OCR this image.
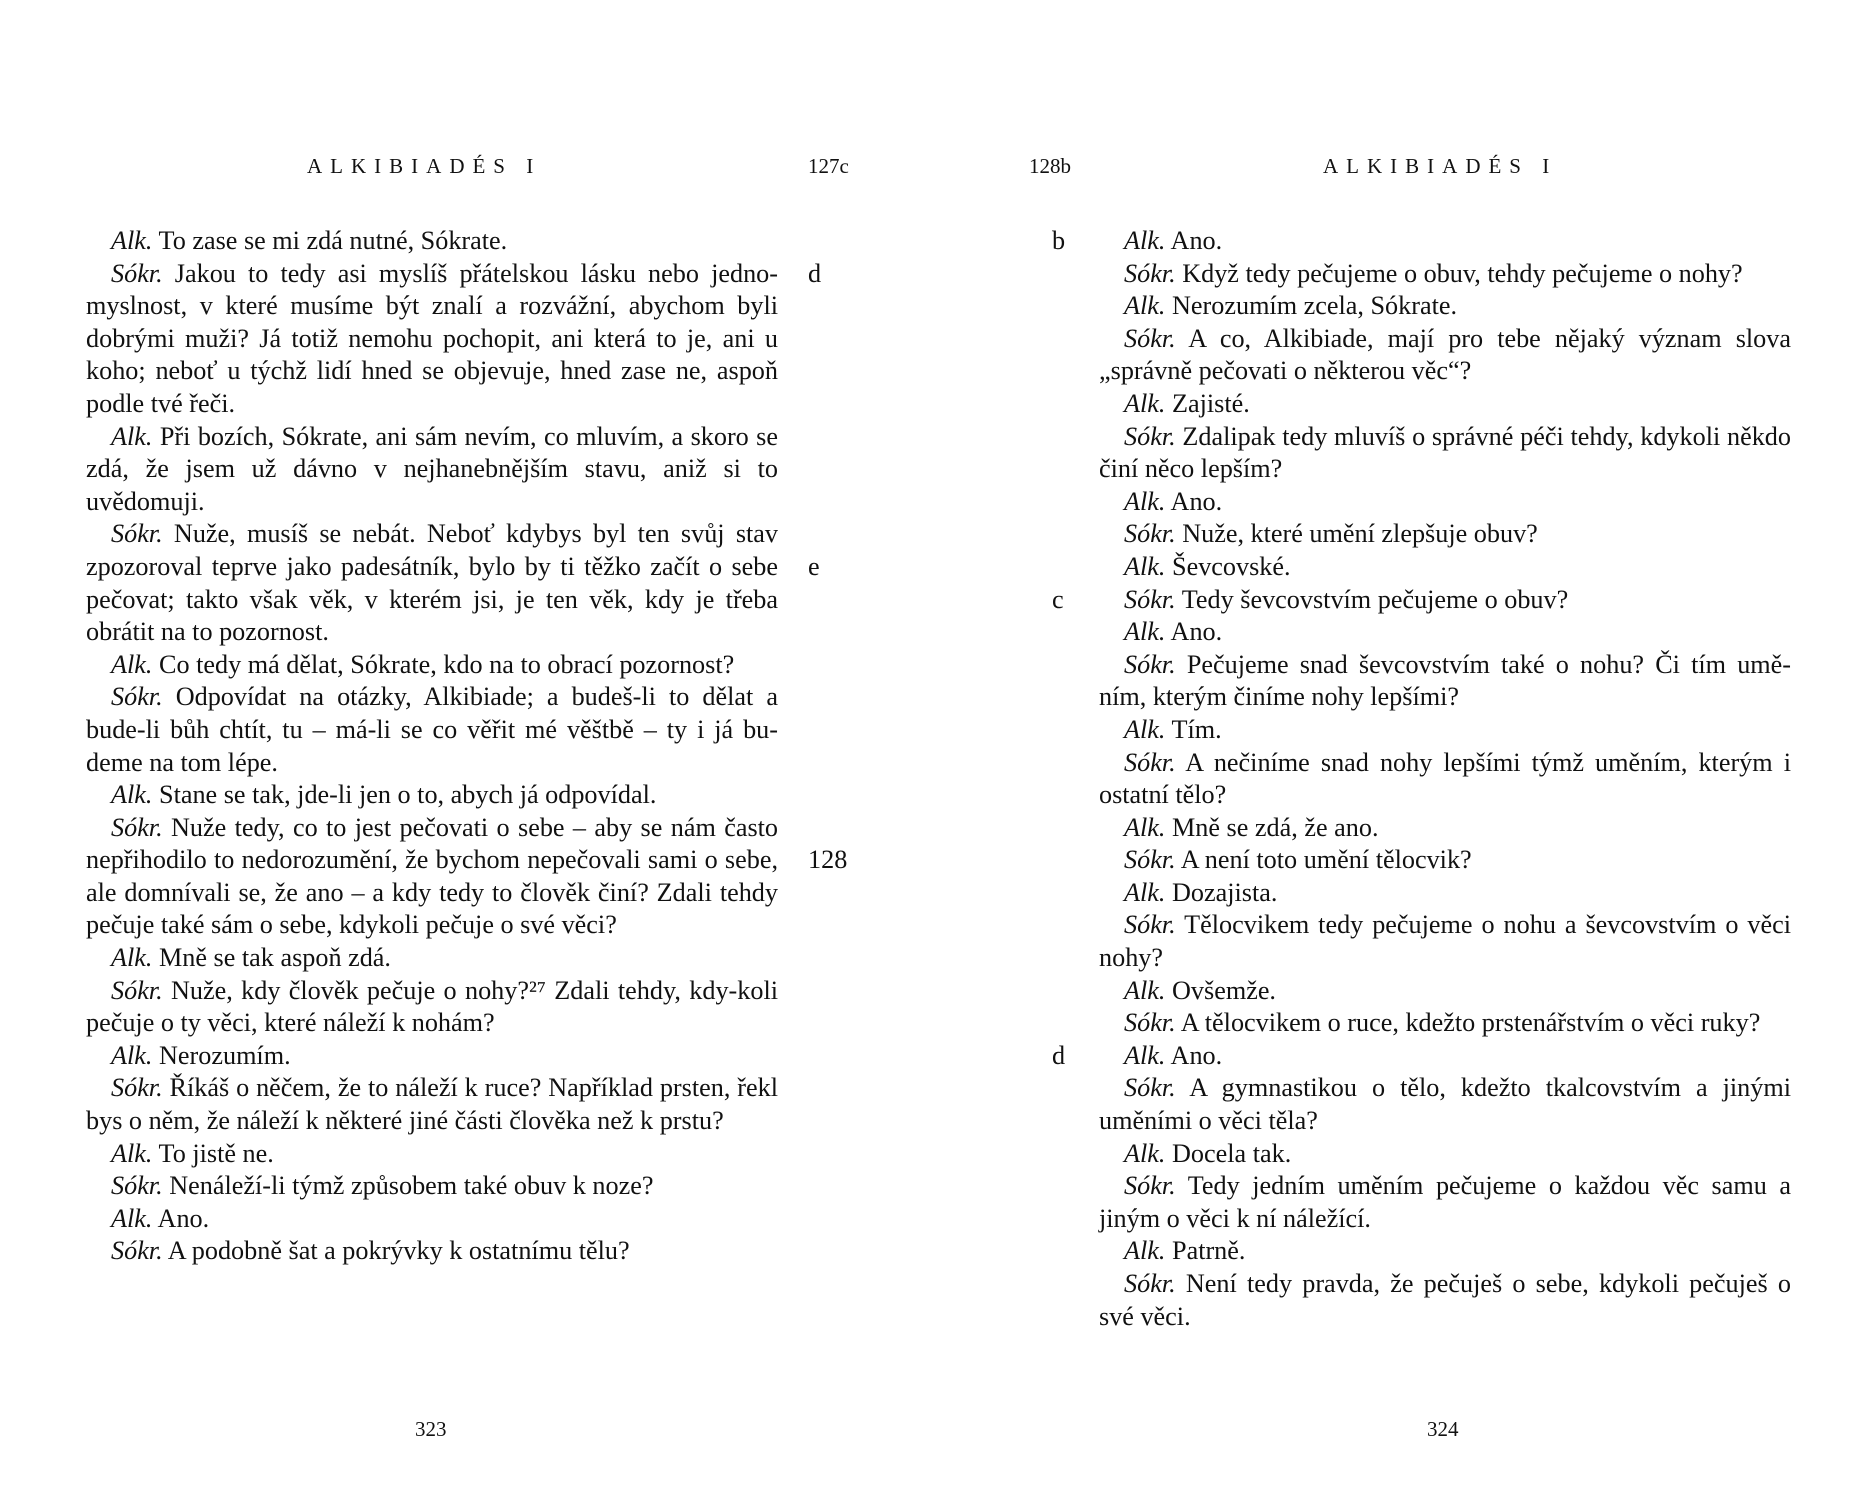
ALKIBIADÉS I	127c

Alk. To zase se mi zdá nutné, Sókrate.

Sókr. Jakou to tedy asi myslíš přátelskou lásku nebo jedno-myslnost, v které musíme být znalí a rozvážní, abychom byli dobrými muži? Já totiž nemohu pochopit, ani která to je, ani u koho; neboť u týchž lidí hned se objevuje, hned zase ne, aspoň podle tvé řeči.

Alk. Při bozích, Sókrate, ani sám nevím, co mluvím, a skoro se zdá, že jsem už dávno v nejhanebnějším stavu, aniž si to uvědomuji.

Sókr. Nuže, musíš se nebát. Neboť kdybys byl ten svůj stav zpozoroval teprve jako padesátník, bylo by ti těžko začít o sebe pečovat; takto však věk, v kterém jsi, je ten věk, kdy je třeba obrátit na to pozornost.

Alk. Co tedy má dělat, Sókrate, kdo na to obrací pozornost?

Sókr. Odpovídat na otázky, Alkibiade; a budeš-li to dělat a bude-li bůh chtít, tu – má-li se co věřit mé věštbě – ty i já bu-deme na tom lépe.

Alk. Stane se tak, jde-li jen o to, abych já odpovídal.

Sókr. Nuže tedy, co to jest pečovati o sebe – aby se nám často nepřihodilo to nedorozumění, že bychom nepečovali sami o sebe, ale domnívali se, že ano – a kdy tedy to člověk činí? Zdali tehdy pečuje také sám o sebe, kdykoli pečuje o své věci?

Alk. Mně se tak aspoň zdá.

Sókr. Nuže, kdy člověk pečuje o nohy?²⁷ Zdali tehdy, kdy-koli pečuje o ty věci, které náleží k nohám?

Alk. Nerozumím.

Sókr. Říkáš o něčem, že to náleží k ruce? Například prsten, řekl bys o něm, že náleží k některé jiné části člověka než k prstu?

Alk. To jistě ne.

Sókr. Nenáleží-li týmž způsobem také obuv k noze?

Alk. Ano.

Sókr. A podobně šat a pokrývky k ostatnímu tělu?

d
e
128
323
128b	ALKIBIADÉS I

Alk. Ano.

Sókr. Když tedy pečujeme o obuv, tehdy pečujeme o nohy?

Alk. Nerozumím zcela, Sókrate.

Sókr. A co, Alkibiade, mají pro tebe nějaký význam slova „správně pečovati o některou věc“?

Alk. Zajisté.

Sókr. Zdalipak tedy mluvíš o správné péči tehdy, kdykoli někdo činí něco lepším?

Alk. Ano.

Sókr. Nuže, které umění zlepšuje obuv?

Alk. Ševcovské.

Sókr. Tedy ševcovstvím pečujeme o obuv?

Alk. Ano.

Sókr. Pečujeme snad ševcovstvím také o nohu? Či tím umě-ním, kterým činíme nohy lepšími?

Alk. Tím.

Sókr. A nečiníme snad nohy lepšími týmž uměním, kterým i ostatní tělo?

Alk. Mně se zdá, že ano.

Sókr. A není toto umění tělocvik?

Alk. Dozajista.

Sókr. Tělocvikem tedy pečujeme o nohu a ševcovstvím o věci nohy?

Alk. Ovšemže.

Sókr. A tělocvikem o ruce, kdežto prstenářstvím o věci ruky?

Alk. Ano.

Sókr. A gymnastikou o tělo, kdežto tkalcovstvím a jinými uměními o věci těla?

Alk. Docela tak.

Sókr. Tedy jedním uměním pečujeme o každou věc samu a jiným o věci k ní náležící.

Alk. Patrně.

Sókr. Není tedy pravda, že pečuješ o sebe, kdykoli pečuješ o své věci.

b
c
d
324
